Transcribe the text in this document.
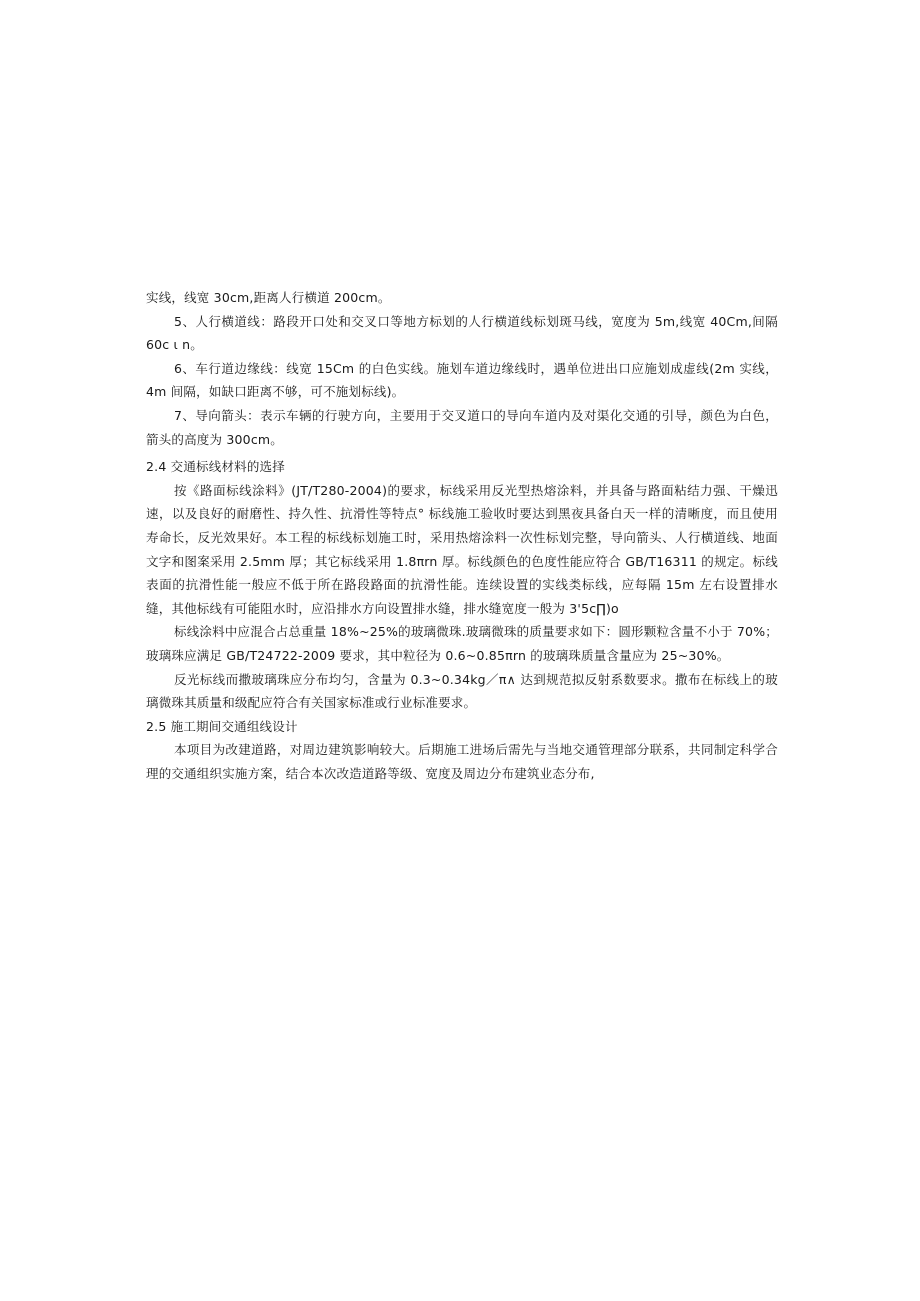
实线，线宽 30cm,距离人行横道 200cm。

5、人行横道线：路段开口处和交叉口等地方标划的人行横道线标划斑马线，宽度为 5m,线宽 40Cm,间隔 60c ι n。

6、车行道边缘线：线宽 15Cm 的白色实线。施划车道边缘线时，遇单位进出口应施划成虚线(2m 实线，4m 间隔，如缺口距离不够，可不施划标线)。

7、导向箭头：表示车辆的行驶方向，主要用于交叉道口的导向车道内及对渠化交通的引导，颜色为白色，箭头的高度为 300cm。

2.4 交通标线材料的选择

按《路面标线涂料》(JT/T280-2004)的要求，标线采用反光型热熔涂料，并具备与路面粘结力强、干燥迅速，以及良好的耐磨性、持久性、抗滑性等特点° 标线施工验收时要达到黑夜具备白天一样的清晰度，而且使用寿命长，反光效果好。本工程的标线标划施工时，采用热熔涂料一次性标划完整，导向箭头、人行横道线、地面文字和图案采用 2.5mm 厚；其它标线采用 1.8πrn 厚。标线颜色的色度性能应符合 GB/T16311 的规定。标线表面的抗滑性能一般应不低于所在路段路面的抗滑性能。连续设置的实线类标线，应每隔 15m 左右设置排水缝，其他标线有可能阻水时，应沿排水方向设置排水缝，排水缝宽度一般为 3'5c∏)o

标线涂料中应混合占总重量 18%~25%的玻璃微珠.玻璃微珠的质量要求如下：圆形颗粒含量不小于 70%；玻璃珠应满足 GB/T24722-2009 要求，其中粒径为 0.6~0.85πrn 的玻璃珠质量含量应为 25~30%。

反光标线而撒玻璃珠应分布均匀，含量为 0.3~0.34kg／π∧ 达到规范拟反射系数要求。撒布在标线上的玻璃微珠其质量和级配应符合有关国家标准或行业标准要求。

2.5 施工期间交通组线设计

本项目为改建道路，对周边建筑影响较大。后期施工进场后需先与当地交通管理部分联系，共同制定科学合理的交通组织实施方案，结合本次改造道路等级、宽度及周边分布建筑业态分布,
